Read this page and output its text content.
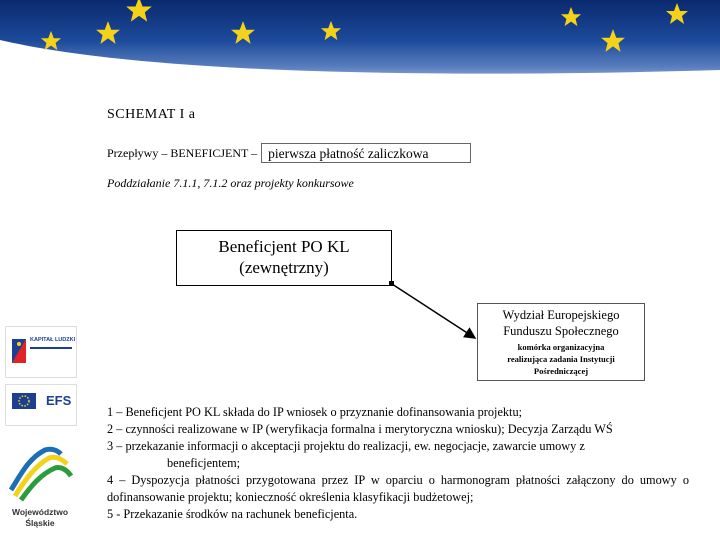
KAPITAŁ LUDZKI
EFS
Województwo
Śląskie
SCHEMAT I a
Przepływy – BENEFICJENT – pierwsza płatność zaliczkowa
Poddziałanie 7.1.1, 7.1.2 oraz projekty konkursowe
Beneficjent PO KL
(zewnętrzny)
Wydział Europejskiego
Funduszu Społecznego
komórka organizacyjna
realizująca zadania Instytucji
Pośredniczącej

1 – Beneficjent PO KL składa do IP wniosek o przyznanie dofinansowania projektu;

2 – czynności realizowane w IP (weryfikacja formalna i merytoryczna wniosku); Decyzja Zarządu WŚ

3 – przekazanie informacji o akceptacji projektu do realizacji, ew. negocjacje, zawarcie umowy z

beneficjentem;

4 – Dyspozycja płatności przygotowana przez IP w oparciu o harmonogram płatności załączony do umowy o dofinansowanie projektu; konieczność określenia klasyfikacji budżetowej;

5 - Przekazanie środków na rachunek beneficjenta.
